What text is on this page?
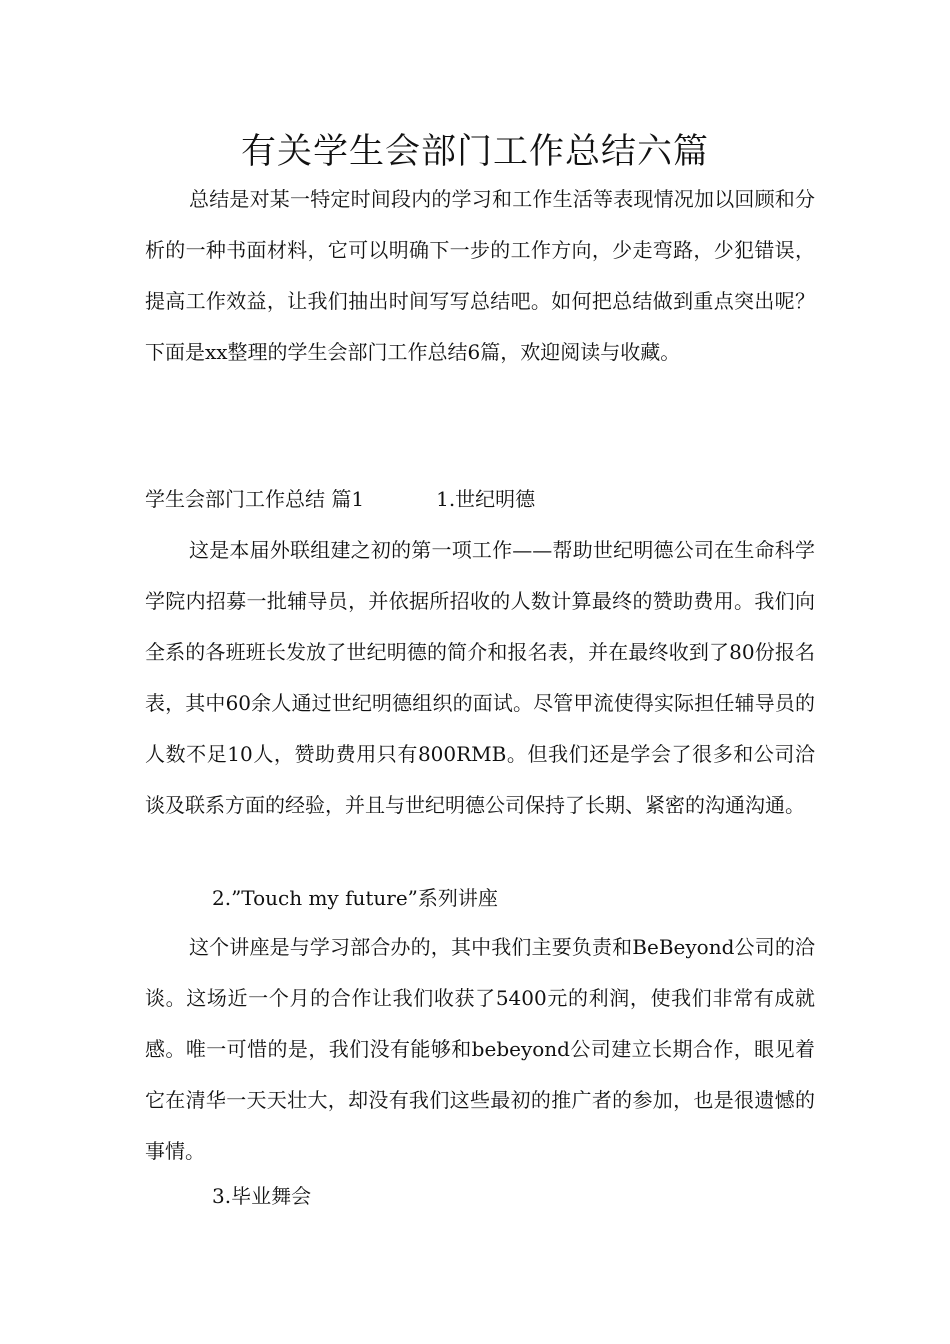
有关学生会部门工作总结六篇

总结是对某一特定时间段内的学习和工作生活等表现情况加以回顾和分析的一种书面材料，它可以明确下一步的工作方向，少走弯路，少犯错误，提高工作效益，让我们抽出时间写写总结吧。如何把总结做到重点突出呢？下面是xx整理的学生会部门工作总结6篇，欢迎阅读与收藏。

学生会部门工作总结 篇1	1.世纪明德

这是本届外联组建之初的第一项工作——帮助世纪明德公司在生命科学学院内招募一批辅导员，并依据所招收的人数计算最终的赞助费用。我们向全系的各班班长发放了世纪明德的简介和报名表，并在最终收到了80份报名表，其中60余人通过世纪明德组织的面试。尽管甲流使得实际担任辅导员的人数不足10人，赞助费用只有800RMB。但我们还是学会了很多和公司洽谈及联系方面的经验，并且与世纪明德公司保持了长期、紧密的沟通沟通。

2.”Touch my future”系列讲座

这个讲座是与学习部合办的，其中我们主要负责和BeBeyond公司的洽谈。这场近一个月的合作让我们收获了5400元的利润，使我们非常有成就感。唯一可惜的是，我们没有能够和bebeyond公司建立长期合作，眼见着它在清华一天天壮大，却没有我们这些最初的推广者的参加，也是很遗憾的事情。

3.毕业舞会
